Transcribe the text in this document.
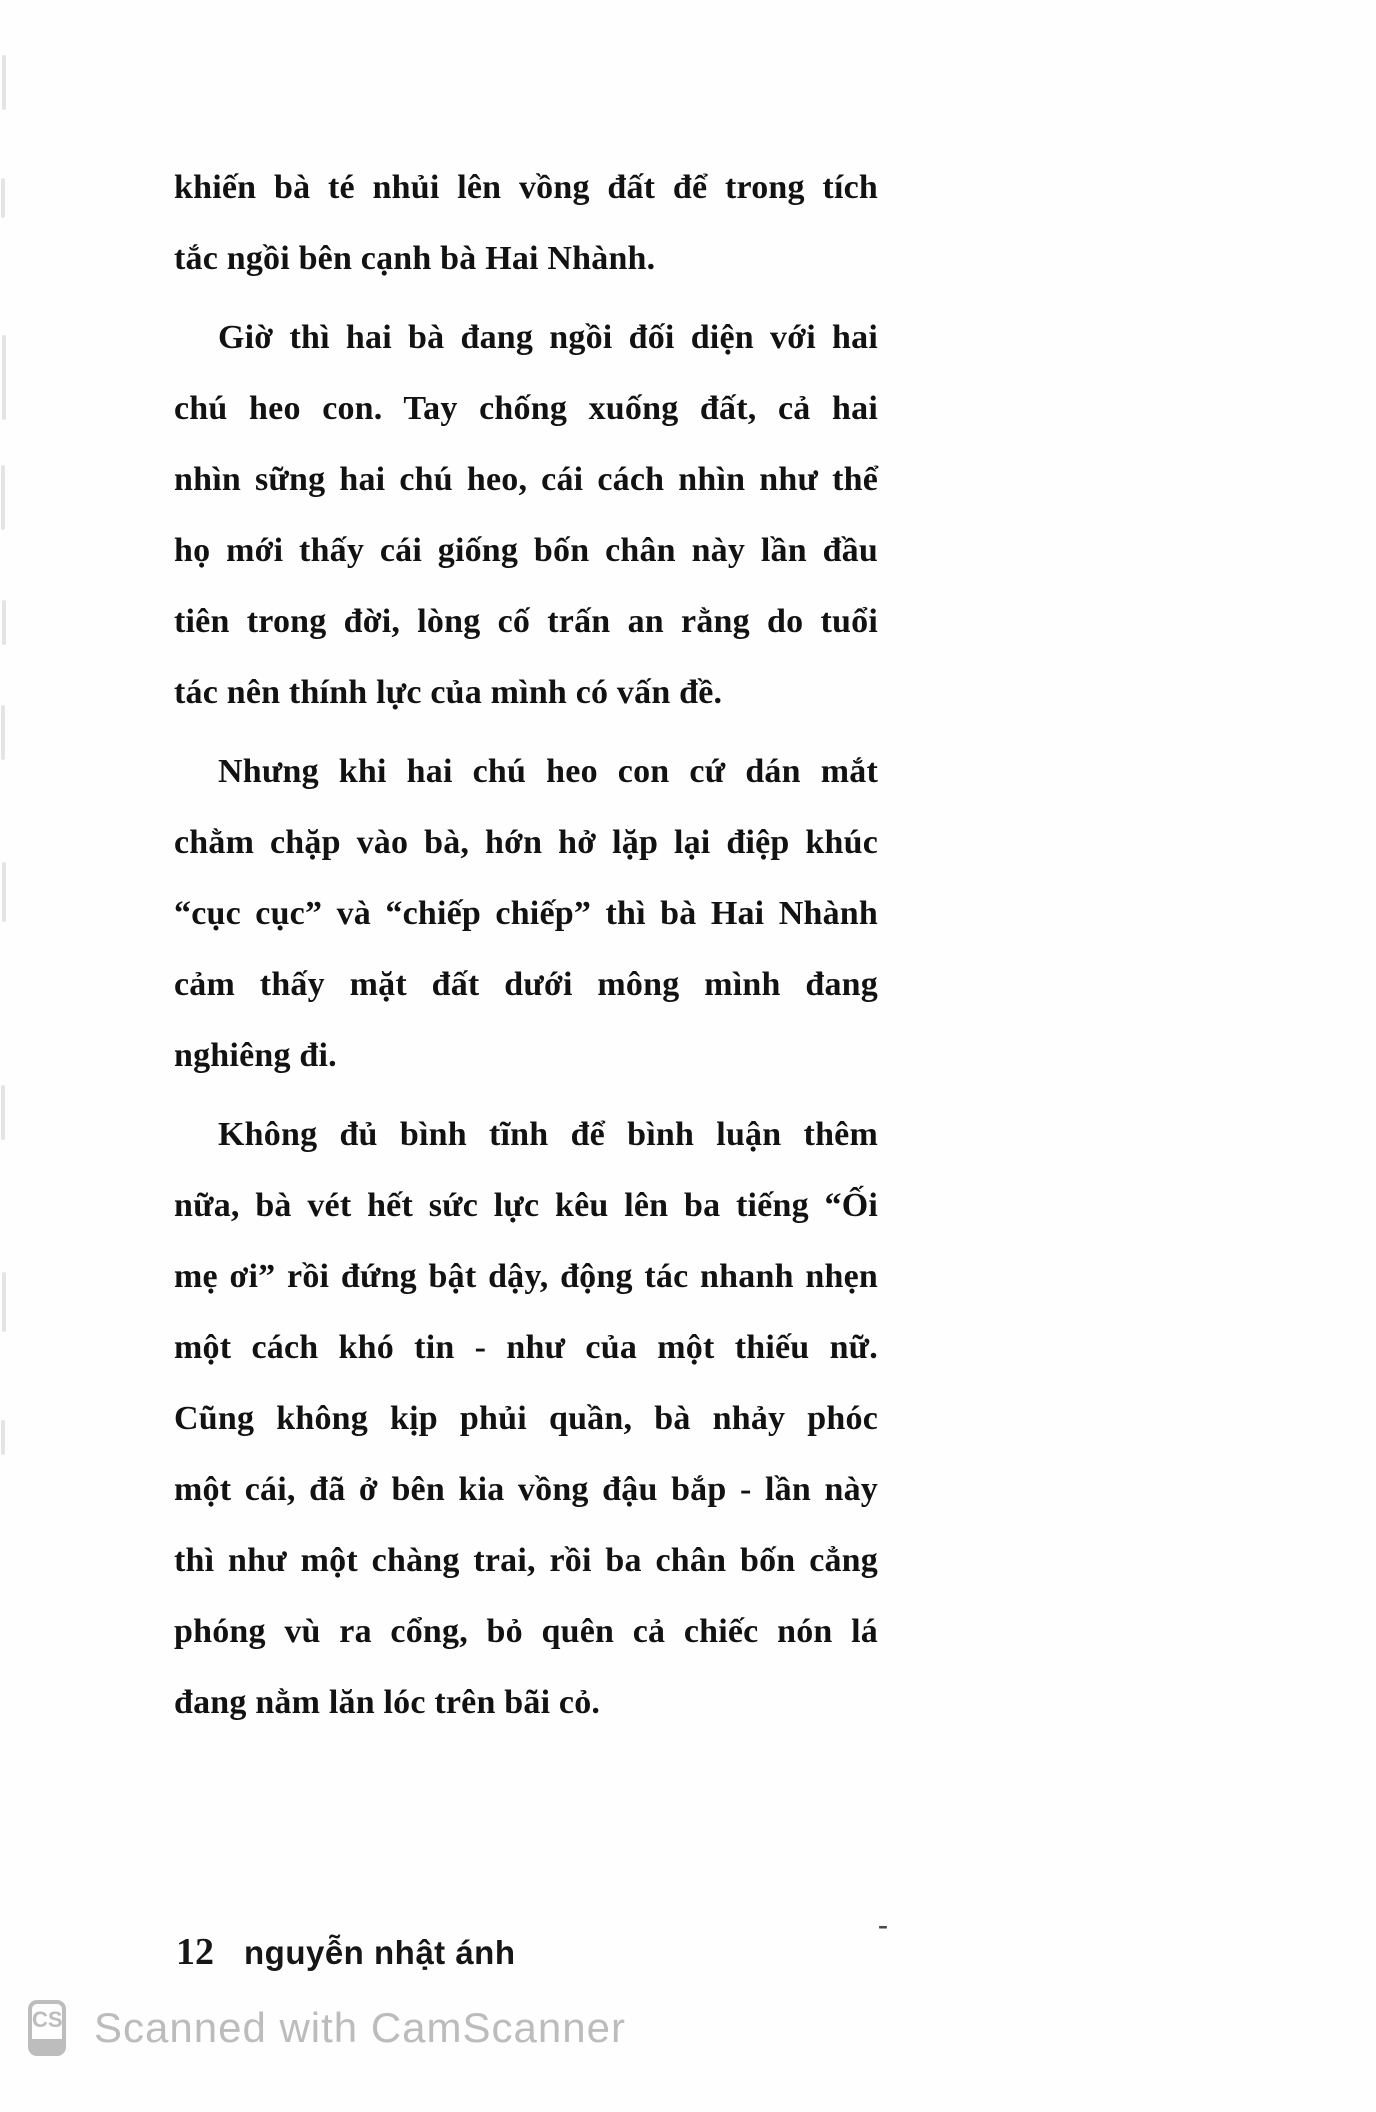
khiến bà té nhủi lên vồng đất để trong tích
tắc ngồi bên cạnh bà Hai Nhành.
Giờ thì hai bà đang ngồi đối diện với hai
chú heo con. Tay chống xuống đất, cả hai
nhìn sững hai chú heo, cái cách nhìn như thể
họ mới thấy cái giống bốn chân này lần đầu
tiên trong đời, lòng cố trấn an rằng do tuổi
tác nên thính lực của mình có vấn đề.
Nhưng khi hai chú heo con cứ dán mắt
chằm chặp vào bà, hớn hở lặp lại điệp khúc
“cục cục” và “chiếp chiếp” thì bà Hai Nhành
cảm thấy mặt đất dưới mông mình đang
nghiêng đi.
Không đủ bình tĩnh để bình luận thêm
nữa, bà vét hết sức lực kêu lên ba tiếng “Ối
mẹ ơi” rồi đứng bật dậy, động tác nhanh nhẹn
một cách khó tin - như của một thiếu nữ.
Cũng không kịp phủi quần, bà nhảy phóc
một cái, đã ở bên kia vồng đậu bắp - lần này
thì như một chàng trai, rồi ba chân bốn cẳng
phóng vù ra cổng, bỏ quên cả chiếc nón lá
đang nằm lăn lóc trên bãi cỏ.
12 nguyễn nhật ánh
-
CS Scanned with CamScanner
